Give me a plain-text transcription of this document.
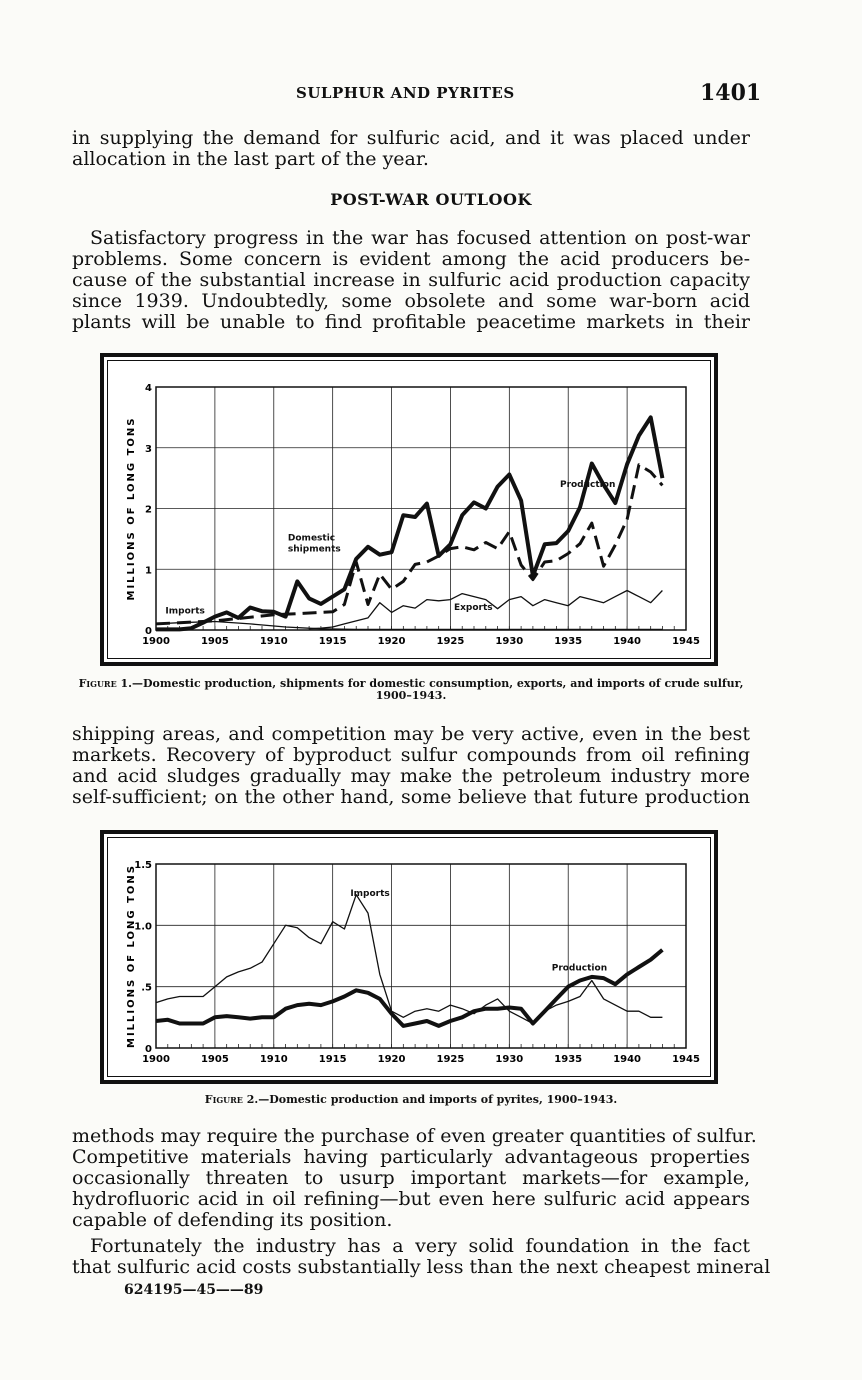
SULPHUR AND PYRITES	1401
in supplying the demand for sulfuric acid, and it was placed under
allocation in the last part of the year.
POST-WAR OUTLOOK
Satisfactory progress in the war has focused attention on post-war
problems. Some concern is evident among the acid producers be-
cause of the substantial increase in sulfuric acid production capacity
since 1939. Undoubtedly, some obsolete and some war-born acid
plants will be unable to find profitable peacetime markets in their
1900	1905	1910	1915	1920	1925	1930	1935	1940	1945
0
1
2
3
4
MILLIONS OF LONG TONS	Production
Domestic
shipments
Exports
Imports
Figure 1.—Domestic production, shipments for domestic consumption, exports, and imports of crude sulfur, 1900–1943.
shipping areas, and competition may be very active, even in the best
markets. Recovery of byproduct sulfur compounds from oil refining
and acid sludges gradually may make the petroleum industry more
self-sufficient; on the other hand, some believe that future production
1900	1905	1910	1915	1920	1925	1930	1935	1940	1945
0
.5
1.0
1.5
MILLIONS OF LONG TONS	Imports
Production
Figure 2.—Domestic production and imports of pyrites, 1900–1943.
methods may require the purchase of even greater quantities of sulfur.
Competitive materials having particularly advantageous properties
occasionally threaten to usurp important markets—for example,
hydrofluoric acid in oil refining—but even here sulfuric acid appears
capable of defending its position.
Fortunately the industry has a very solid foundation in the fact
that sulfuric acid costs substantially less than the next cheapest mineral
624195—45——89
